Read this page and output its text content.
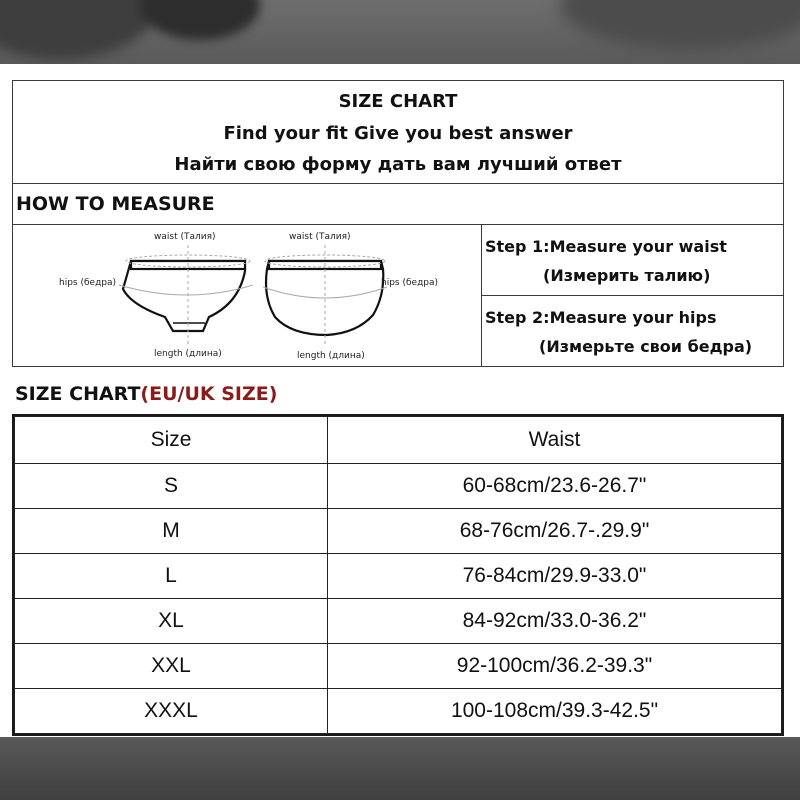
SIZE CHART
Find your fit Give you best answer
Найти свою форму дать вам лучший ответ
HOW TO MEASURE
waist (Талия)	waist (Талия)
hips (бедра)	hips (бедра)
length (длина)	length (длина)
Step 1:Measure your waist
(Измерить талию)
Step 2:Measure your hips
(Измерьте свои бедра)
SIZE CHART(EU/UK SIZE)
Size	Waist
S	60-68cm/23.6-26.7"
M	68-76cm/26.7-.29.9"
L	76-84cm/29.9-33.0"
XL	84-92cm/33.0-36.2"
XXL	92-100cm/36.2-39.3"
XXXL	100-108cm/39.3-42.5"
